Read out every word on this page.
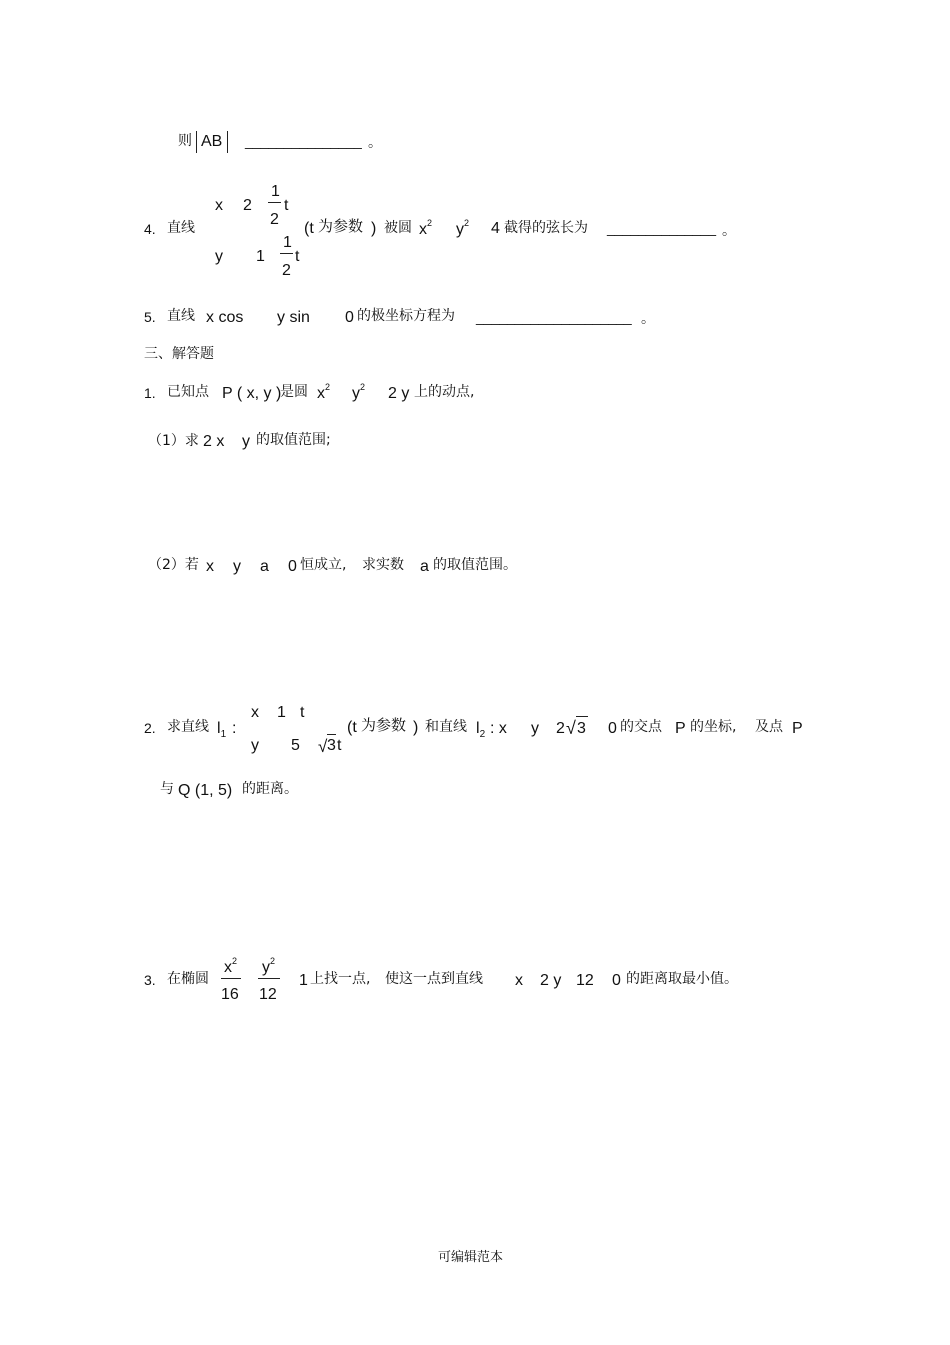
则 AB _______________ 。
4. 直线
x 2
1
2
t
y 1
1
2
t
(t 为参数 ) 被圆 $x^2$ $y^2$ 4 截得的弦长为 ______________ 。
5. 直线 x cos y sin 0 的极坐标方程为 ____________________ 。
三、解答题
1. 已知点 P ( x, y )
是圆 $x^2$ $y^2$ 2 y 上的动点,
（1）求 2 x y 的取值范围;
（2）若 x y a 0 恒成立, 求实数 a 的取值范围。
2. 求直线 $l_1$ :
x 1 t
y 5 √ 3 t
(t 为参数 ) 和直线 $l_2$ : x y 2 √ 3 0 的交点 P 的坐标, 及点 P
与 Q (1, 5) 的距离。
3. 在椭圆
$x^2$
16
$y^2$
12
1 上找一点, 使这一点到直线 x 2 y 12 0 的距离取最小值。
可编辑范本
